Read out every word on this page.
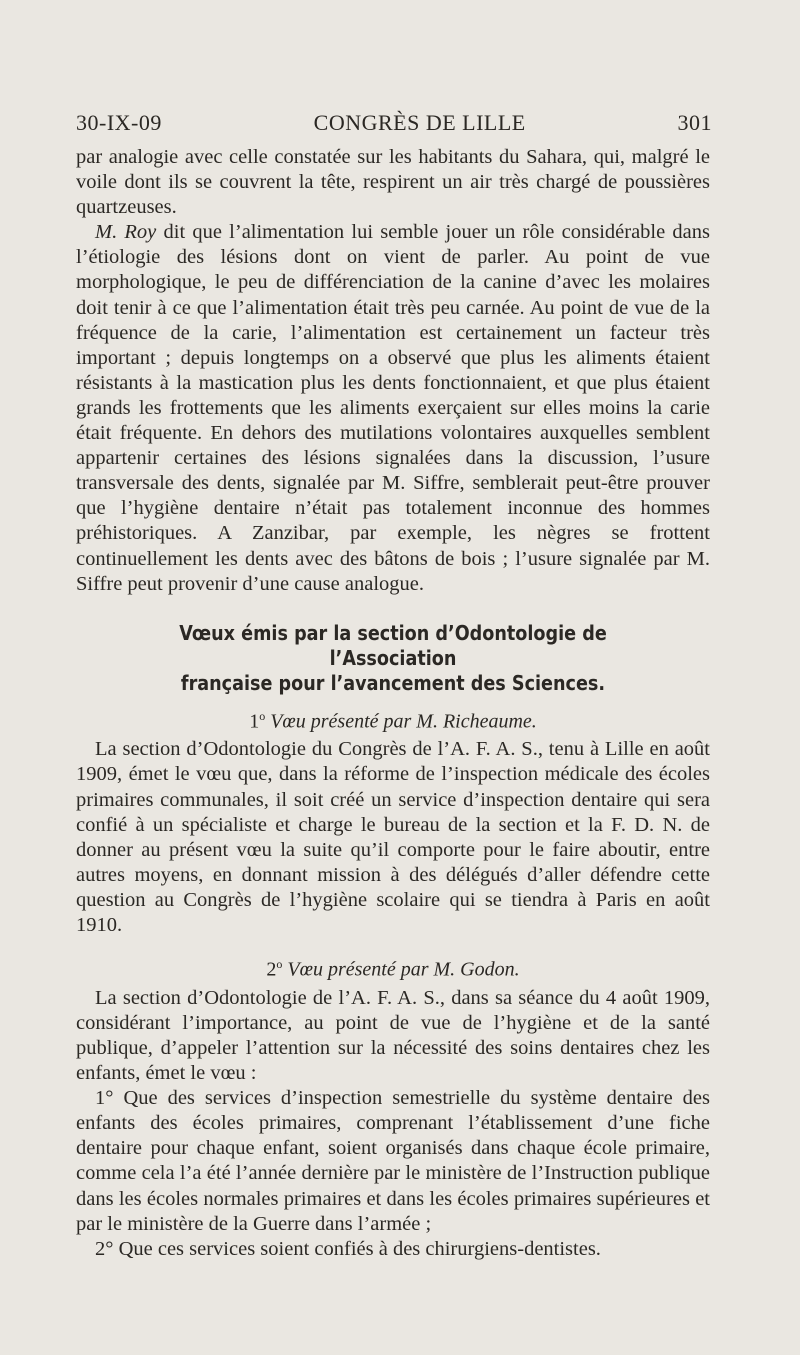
30-IX-09	CONGRÈS DE LILLE	301

par analogie avec celle constatée sur les habitants du Sahara, qui, malgré le voile dont ils se couvrent la tête, respirent un air très chargé de poussières quartzeuses.

M. Roy dit que l’alimentation lui semble jouer un rôle considérable dans l’étiologie des lésions dont on vient de parler. Au point de vue morphologique, le peu de différenciation de la canine d’avec les molaires doit tenir à ce que l’alimentation était très peu carnée. Au point de vue de la fréquence de la carie, l’alimentation est certainement un facteur très important ; depuis longtemps on a observé que plus les aliments étaient résistants à la mastication plus les dents fonctionnaient, et que plus étaient grands les frottements que les aliments exerçaient sur elles moins la carie était fréquente. En dehors des mutilations volontaires auxquelles semblent appartenir certaines des lésions signalées dans la discussion, l’usure transversale des dents, signalée par M. Siffre, semblerait peut-être prouver que l’hygiène dentaire n’était pas totalement inconnue des hommes préhistoriques. A Zanzibar, par exemple, les nègres se frottent continuellement les dents avec des bâtons de bois ; l’usure signalée par M. Siffre peut provenir d’une cause analogue.

Vœux émis par la section d’Odontologie de l’Association
française pour l’avancement des Sciences.
1$^o$ Vœu présenté par M. Richeaume.

La section d’Odontologie du Congrès de l’A. F. A. S., tenu à Lille en août 1909, émet le vœu que, dans la réforme de l’inspection médicale des écoles primaires communales, il soit créé un service d’inspection dentaire qui sera confié à un spécialiste et charge le bureau de la section et la F. D. N. de donner au présent vœu la suite qu’il comporte pour le faire aboutir, entre autres moyens, en donnant mission à des délégués d’aller défendre cette question au Congrès de l’hygiène scolaire qui se tiendra à Paris en août 1910.

2$^o$ Vœu présenté par M. Godon.

La section d’Odontologie de l’A. F. A. S., dans sa séance du 4 août 1909, considérant l’importance, au point de vue de l’hygiène et de la santé publique, d’appeler l’attention sur la nécessité des soins dentaires chez les enfants, émet le vœu :

1° Que des services d’inspection semestrielle du système dentaire des enfants des écoles primaires, comprenant l’établissement d’une fiche dentaire pour chaque enfant, soient organisés dans chaque école primaire, comme cela l’a été l’année dernière par le ministère de l’Instruction publique dans les écoles normales primaires et dans les écoles primaires supérieures et par le ministère de la Guerre dans l’armée ;

2° Que ces services soient confiés à des chirurgiens-dentistes.
